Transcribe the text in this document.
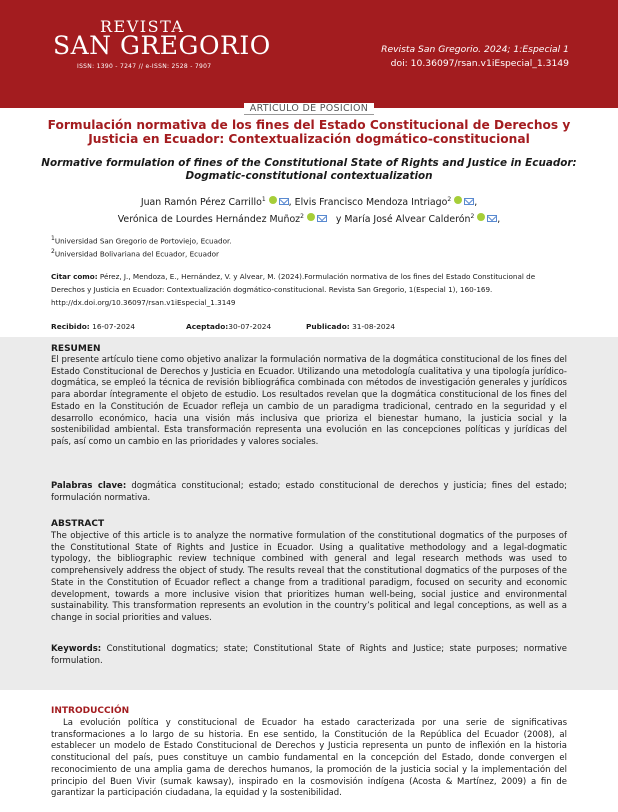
REVISTA
SAN GREGORIO
ISSN: 1390 - 7247 // e-ISSN: 2528 - 7907
Revista San Gregorio. 2024; 1:Especial 1
doi: 10.36097/rsan.v1iEspecial_1.3149
ARTÍCULO DE POSICIÓN
Formulación normativa de los fines del Estado Constitucional de Derechos y Justicia en Ecuador: Contextualización dogmático-constitucional
Normative formulation of fines of the Constitutional State of Rights and Justice in Ecuador: Dogmatic-constitutional contextualization
Juan Ramón Pérez Carrillo$^1$ , Elvis Francisco Mendoza Intriago$^2$ ,
Verónica de Lourdes Hernández Muñoz$^2$	y María José Alvear Calderón$^2$ ,
$^1$Universidad San Gregorio de Portoviejo, Ecuador.
$^2$Universidad Bolivariana del Ecuador, Ecuador
Citar como: Pérez, J., Mendoza, E., Hernández, V. y Alvear, M. (2024).Formulación normativa de los fines del Estado Constitucional de Derechos y Justicia en Ecuador: Contextualización dogmático-constitucional. Revista San Gregorio, 1(Especial 1), 160-169. http://dx.doi.org/10.36097/rsan.v1iEspecial_1.3149
Recibido: 16-07-2024	Aceptado:30-07-2024	Publicado: 31-08-2024
RESUMEN
El presente artículo tiene como objetivo analizar la formulación normativa de la dogmática constitucional de los fines del Estado Constitucional de Derechos y Justicia en Ecuador. Utilizando una metodología cualitativa y una tipología jurídico-dogmática, se empleó la técnica de revisión bibliográfica combinada con métodos de investigación generales y jurídicos para abordar íntegramente el objeto de estudio. Los resultados revelan que la dogmática constitucional de los fines del Estado en la Constitución de Ecuador refleja un cambio de un paradigma tradicional, centrado en la seguridad y el desarrollo económico, hacia una visión más inclusiva que prioriza el bienestar humano, la justicia social y la sostenibilidad ambiental. Esta transformación representa una evolución en las concepciones políticas y jurídicas del país, así como un cambio en las prioridades y valores sociales.
Palabras clave: dogmática constitucional; estado; estado constitucional de derechos y justicia; fines del estado; formulación normativa.
ABSTRACT
The objective of this article is to analyze the normative formulation of the constitutional dogmatics of the purposes of the Constitutional State of Rights and Justice in Ecuador. Using a qualitative methodology and a legal-dogmatic typology, the bibliographic review technique combined with general and legal research methods was used to comprehensively address the object of study. The results reveal that the constitutional dogmatics of the purposes of the State in the Constitution of Ecuador reflect a change from a traditional paradigm, focused on security and economic development, towards a more inclusive vision that prioritizes human well-being, social justice and environmental sustainability. This transformation represents an evolution in the country’s political and legal conceptions, as well as a change in social priorities and values.
Keywords: Constitutional dogmatics; state; Constitutional State of Rights and Justice; state purposes; normative formulation.
INTRODUCCIÓN
La evolución política y constitucional de Ecuador ha estado caracterizada por una serie de significativas transformaciones a lo largo de su historia. En ese sentido, la Constitución de la República del Ecuador (2008), al establecer un modelo de Estado Constitucional de Derechos y Justicia representa un punto de inflexión en la historia constitucional del país, pues constituye un cambio fundamental en la concepción del Estado, donde convergen el reconocimiento de una amplia gama de derechos humanos, la promoción de la justicia social y la implementación del principio del Buen Vivir (sumak kawsay), inspirado en la cosmovisión indígena (Acosta & Martínez, 2009) a fin de garantizar la participación ciudadana, la equidad y la sostenibilidad.
